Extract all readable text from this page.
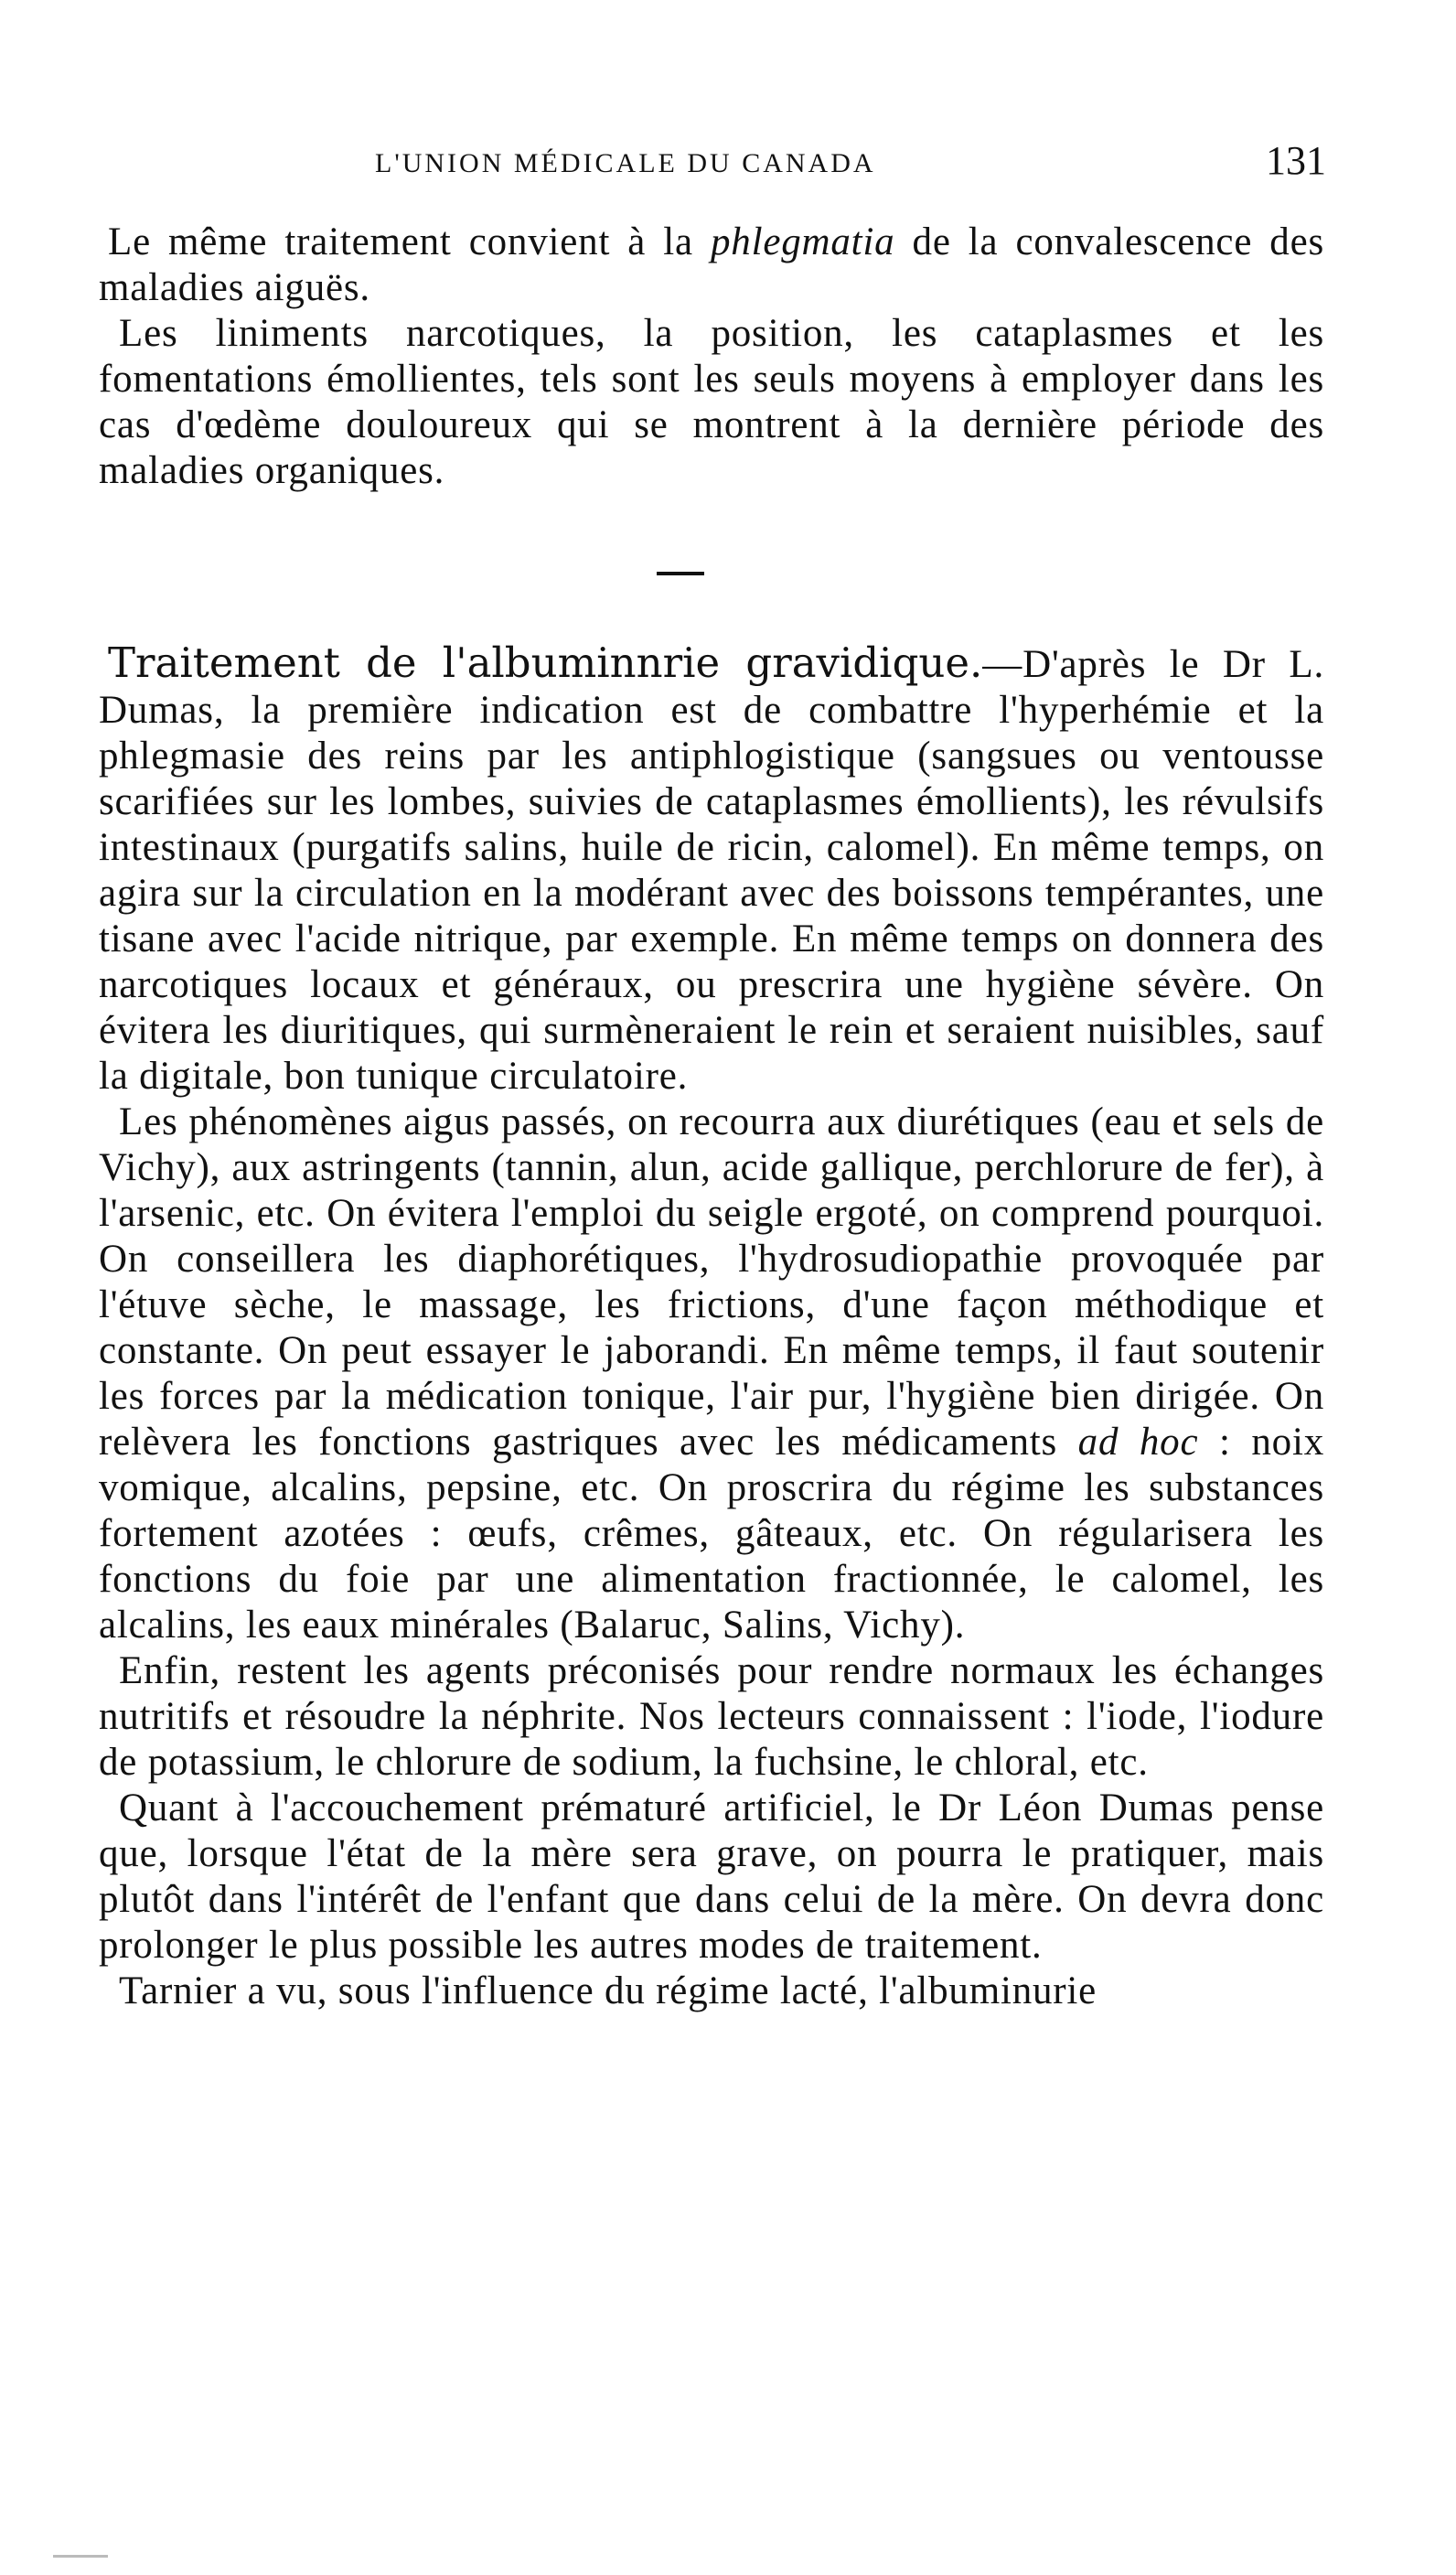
L'UNION MÉDICALE DU CANADA	131

Le même traitement convient à la phlegmatia de la convalescence des maladies aiguës.

Les liniments narcotiques, la position, les cataplasmes et les fomentations émollientes, tels sont les seuls moyens à employer dans les cas d'œdème douloureux qui se montrent à la dernière période des maladies organiques.

Traitement de l'albuminnrie gravidique.—D'après le Dr L. Dumas, la première indication est de combattre l'hyperhémie et la phlegmasie des reins par les antiphlogistique (sangsues ou ventousse scarifiées sur les lombes, suivies de cataplasmes émollients), les révulsifs intestinaux (purgatifs salins, huile de ricin, calomel). En même temps, on agira sur la circulation en la modérant avec des boissons tempérantes, une tisane avec l'acide nitrique, par exemple. En même temps on donnera des narcotiques locaux et généraux, ou prescrira une hygiène sévère. On évitera les diuritiques, qui surmèneraient le rein et seraient nuisibles, sauf la digitale, bon tunique circulatoire.

Les phénomènes aigus passés, on recourra aux diurétiques (eau et sels de Vichy), aux astringents (tannin, alun, acide gallique, perchlorure de fer), à l'arsenic, etc. On évitera l'emploi du seigle ergoté, on comprend pourquoi. On conseillera les diaphorétiques, l'hydrosudiopathie provoquée par l'étuve sèche, le massage, les frictions, d'une façon méthodique et constante. On peut essayer le jaborandi. En même temps, il faut soutenir les forces par la médication tonique, l'air pur, l'hygiène bien dirigée. On relèvera les fonctions gastriques avec les médicaments ad hoc : noix vomique, alcalins, pepsine, etc. On proscrira du régime les substances fortement azotées : œufs, crêmes, gâteaux, etc. On régularisera les fonctions du foie par une alimentation fractionnée, le calomel, les alcalins, les eaux minérales (Balaruc, Salins, Vichy).

Enfin, restent les agents préconisés pour rendre normaux les échanges nutritifs et résoudre la néphrite. Nos lecteurs connaissent : l'iode, l'iodure de potassium, le chlorure de sodium, la fuchsine, le chloral, etc.

Quant à l'accouchement prématuré artificiel, le Dr Léon Dumas pense que, lorsque l'état de la mère sera grave, on pourra le pratiquer, mais plutôt dans l'intérêt de l'enfant que dans celui de la mère. On devra donc prolonger le plus possible les autres modes de traitement.

Tarnier a vu, sous l'influence du régime lacté, l'albuminurie
